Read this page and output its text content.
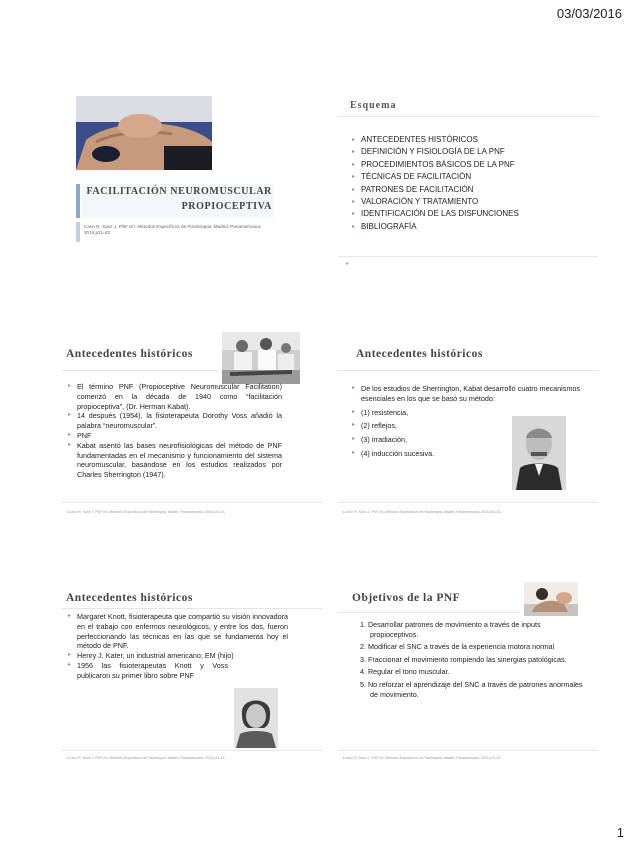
03/03/2016
FACILITACIÓN NEUROMUSCULAR
PROPIOCEPTIVA
Cano R, Sanz J. PNF En: Métodos Específicos de Fisioterapia. Madrid: Panamericana; 2015 p31-43.
Esquema
▸ ANTECEDENTES HISTÓRICOS
▸ DEFINICIÓN Y FISIOLOGÍA DE LA PNF
▸ PROCEDIMIENTOS BÁSICOS DE LA PNF
▸ TÉCNICAS DE FACILITACIÓN
▸ PATRONES DE FACILITACIÓN
▸ VALORACIÓN Y TRATAMIENTO
▸ IDENTIFICACIÓN DE LAS DISFUNCIONES
▸ BIBLIOGRAFÍA
▸
Antecedentes históricos
▸ El término PNF (Propioceptive Neuromuscular Facilitation) comenzó en la década de 1940 como “facilitación propioceptiva”, (Dr. Herman Kabat).
▸ 14 después (1954), la fisioterapeuta Dorothy Voss añadió la palabra “neuromuscular”.
▸ PNF
▸ Kabat asentó las bases neurofisiológicas del método de PNF fundamentadas en el mecanismo y funcionamiento del sistema neuromuscular, basándose en los estudios realizados por Charles Sherrington (1947).
▸ Cano R, Sanz J. PNF En: Métodos Específicos de Fisioterapia. Madrid: Panamericana; 2015 p31-43.
Antecedentes históricos
▸ De los estudios de Sherrington, Kabat desarrolló cuatro mecanismos esenciales en los que se basó su método:
▸ (1) resistencia,
▸ (2) reflejos,
▸ (3) irradiación,
▸ (4) inducción sucesiva.
▸ Cano R, Sanz J. PNF En: Métodos Específicos de Fisioterapia. Madrid: Panamericana; 2015 p31-43.
Antecedentes históricos
▸ Margaret Knott, fisioterapeuta que compartió su visión innovadora en el trabajo con enfermos neurológicos, y entre los dos, fueron perfeccionando las técnicas en las que se fundamenta hoy el método de PNF.
▸ Henry J. Kater, un industrial americano; EM (hijo)
▸ 1956 las fisioterapeutas Knott y Voss publicaron su primer libro sobre PNF
▸ Cano R, Sanz J. PNF En: Métodos Específicos de Fisioterapia. Madrid: Panamericana; 2015 p31-43.
Objetivos de la PNF
1. Desarrollar patrones de movimiento a través de inputs propioceptivos.
2. Modificar el SNC a través de la experiencia motora normal
3. Fraccionar el movimiento rompiendo las sinergias patológicas.
4. Regular el tono muscular.
5. No reforzar el aprendizaje del SNC a través de patrones anormales de movimiento.
▸ Cano R, Sanz J. PNF En: Métodos Específicos de Fisioterapia. Madrid: Panamericana; 2015 p31-43.
1
